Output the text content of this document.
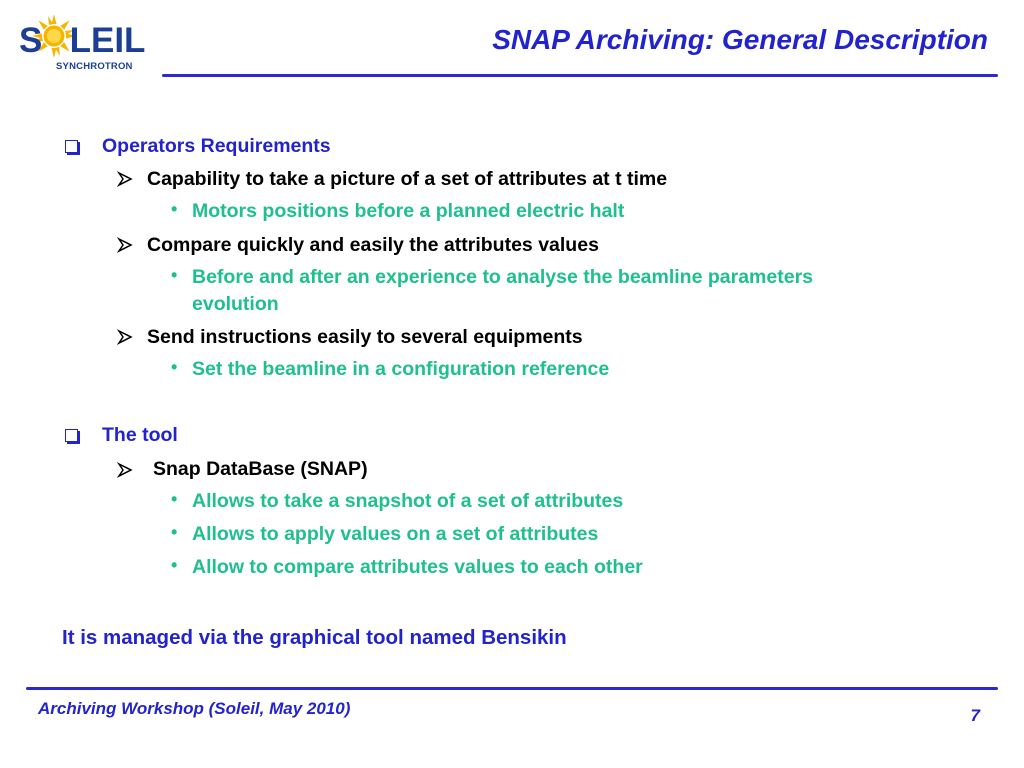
S LEIL
SYNCHROTRON
SNAP Archiving: General Description
Operators Requirements
Capability to take a picture of a set of attributes at t time
• Motors positions before a planned electric halt
Compare quickly and easily the attributes values
• Before and after an experience to analyse the beamline parameters
evolution
Send instructions easily to several equipments
• Set the beamline in a configuration reference
The tool
Snap DataBase (SNAP)
• Allows to take a snapshot of a set of attributes
• Allows to apply values on a set of attributes
• Allow to compare attributes values to each other
It is managed via the graphical tool named Bensikin
Archiving Workshop (Soleil, May 2010)	7
